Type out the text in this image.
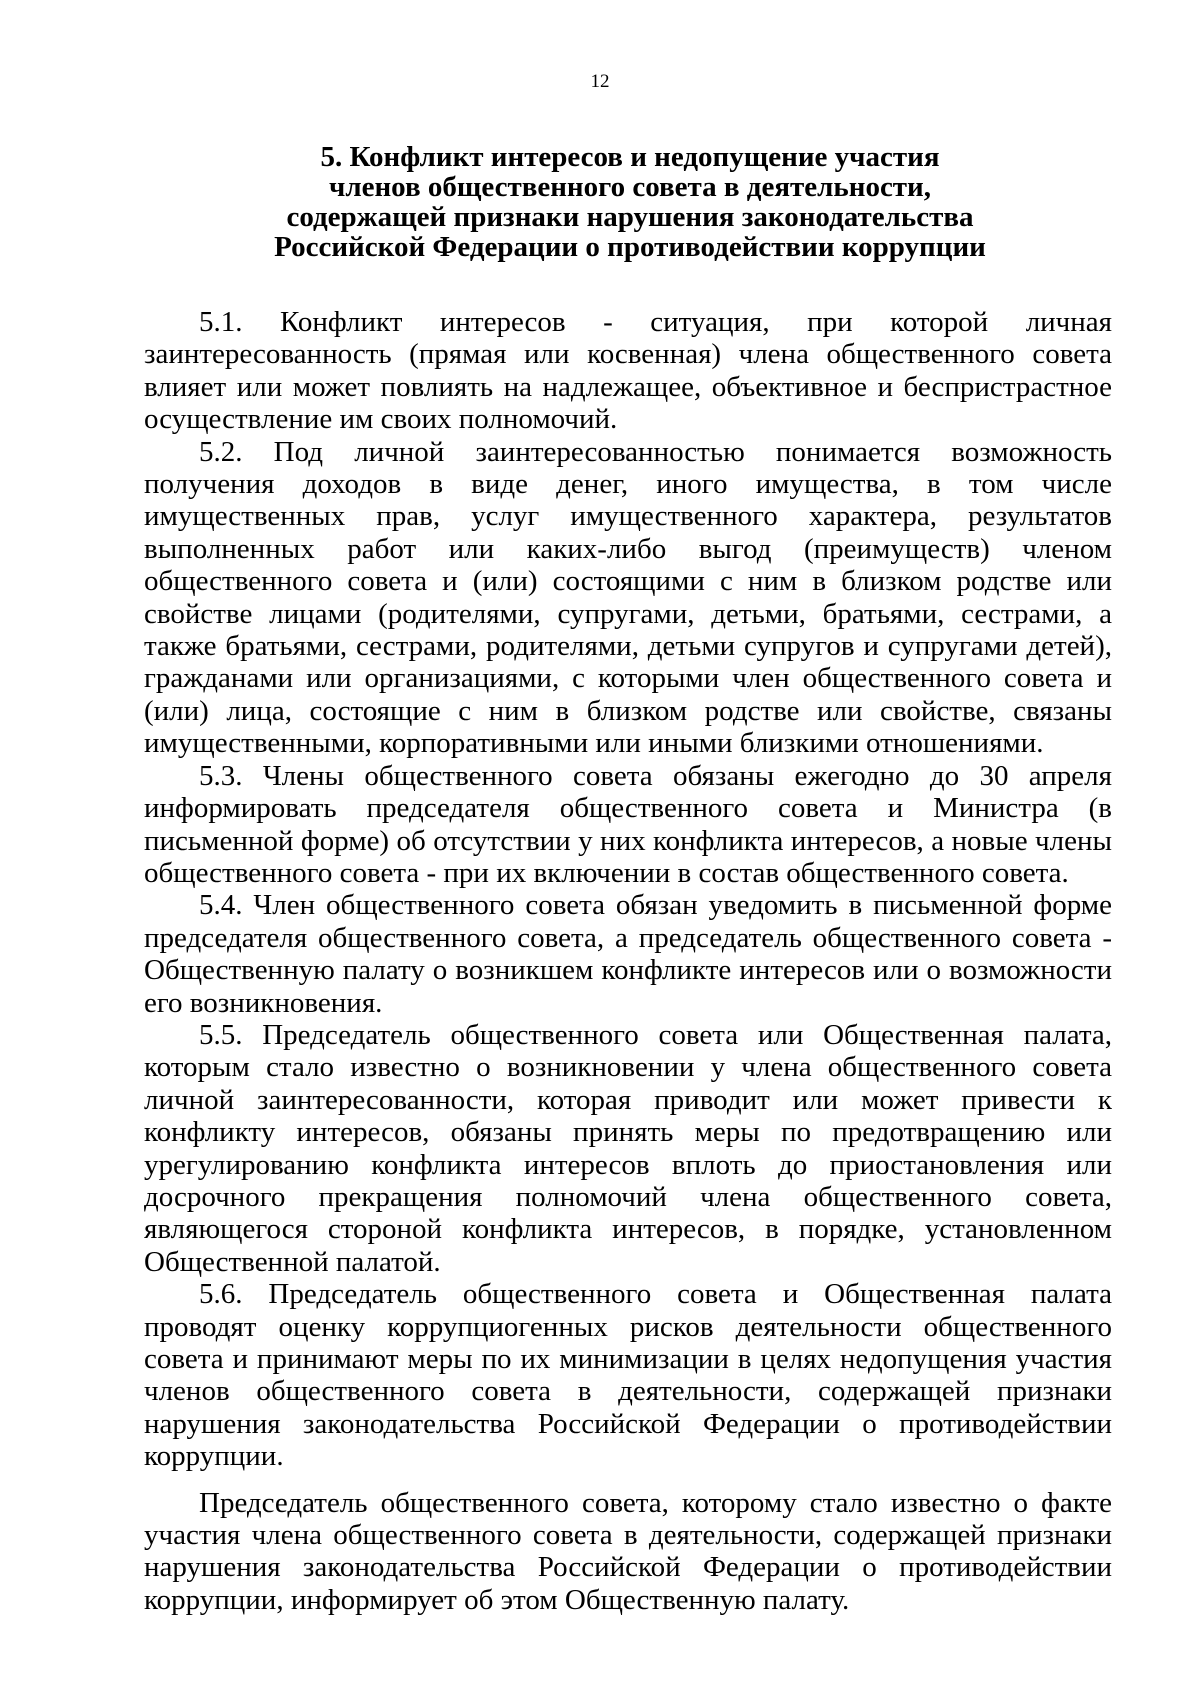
12
5. Конфликт интересов и недопущение участия
членов общественного совета в деятельности,
содержащей признаки нарушения законодательства
Российской Федерации о противодействии коррупции

5.1. Конфликт интересов - ситуация, при которой личная заинтересованность (прямая или косвенная) члена общественного совета влияет или может повлиять на надлежащее, объективное и беспристрастное осуществление им своих полномочий.

5.2. Под личной заинтересованностью понимается возможность получения доходов в виде денег, иного имущества, в том числе имущественных прав, услуг имущественного характера, результатов выполненных работ или каких-либо выгод (преимуществ) членом общественного совета и (или) состоящими с ним в близком родстве или свойстве лицами (родителями, супругами, детьми, братьями, сестрами, а также братьями, сестрами, родителями, детьми супругов и супругами детей), гражданами или организациями, с которыми член общественного совета и (или) лица, состоящие с ним в близком родстве или свойстве, связаны имущественными, корпоративными или иными близкими отношениями.

5.3. Члены общественного совета обязаны ежегодно до 30 апреля информировать председателя общественного совета и Министра (в письменной форме) об отсутствии у них конфликта интересов, а новые члены общественного совета - при их включении в состав общественного совета.

5.4. Член общественного совета обязан уведомить в письменной форме председателя общественного совета, а председатель общественного совета - Общественную палату о возникшем конфликте интересов или о возможности его возникновения.

5.5. Председатель общественного совета или Общественная палата, которым стало известно о возникновении у члена общественного совета личной заинтересованности, которая приводит или может привести к конфликту интересов, обязаны принять меры по предотвращению или урегулированию конфликта интересов вплоть до приостановления или досрочного прекращения полномочий члена общественного совета, являющегося стороной конфликта интересов, в порядке, установленном Общественной палатой.

5.6. Председатель общественного совета и Общественная палата проводят оценку коррупциогенных рисков деятельности общественного совета и принимают меры по их минимизации в целях недопущения участия членов общественного совета в деятельности, содержащей признаки нарушения законодательства Российской Федерации о противодействии коррупции.

Председатель общественного совета, которому стало известно о факте участия члена общественного совета в деятельности, содержащей признаки нарушения законодательства Российской Федерации о противодействии коррупции, информирует об этом Общественную палату.
